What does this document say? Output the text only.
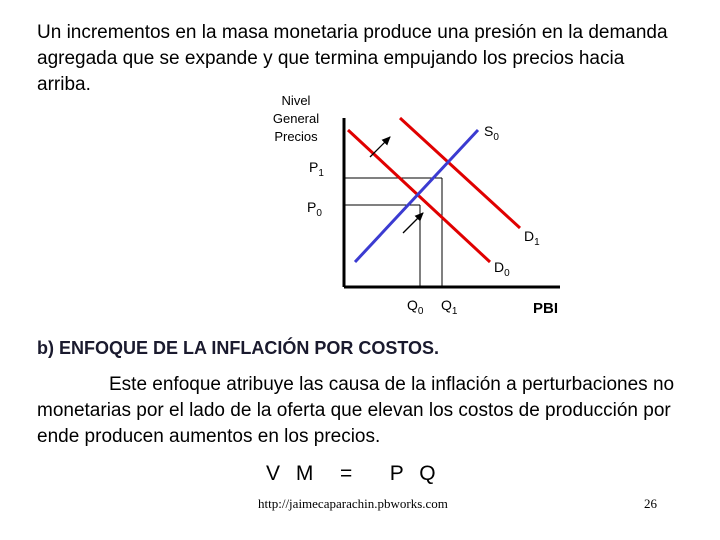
Un incrementos en la masa monetaria produce una presión en la demanda agregada que se expande y que termina empujando los precios hacia arriba.
Nivel
General
Precios	$S_0$
$P_1$
$P_0$
$D_1$
$D_0$
$Q_0$ $Q_1$	PBI
b) ENFOQUE DE LA INFLACIÓN POR COSTOS.
Este enfoque atribuye las causa de la inflación a perturbaciones no monetarias por el lado de la oferta que elevan los costos de producción por ende producen aumentos en los precios.
V M  =   P Q
http://jaimecaparachin.pbworks.com	26
